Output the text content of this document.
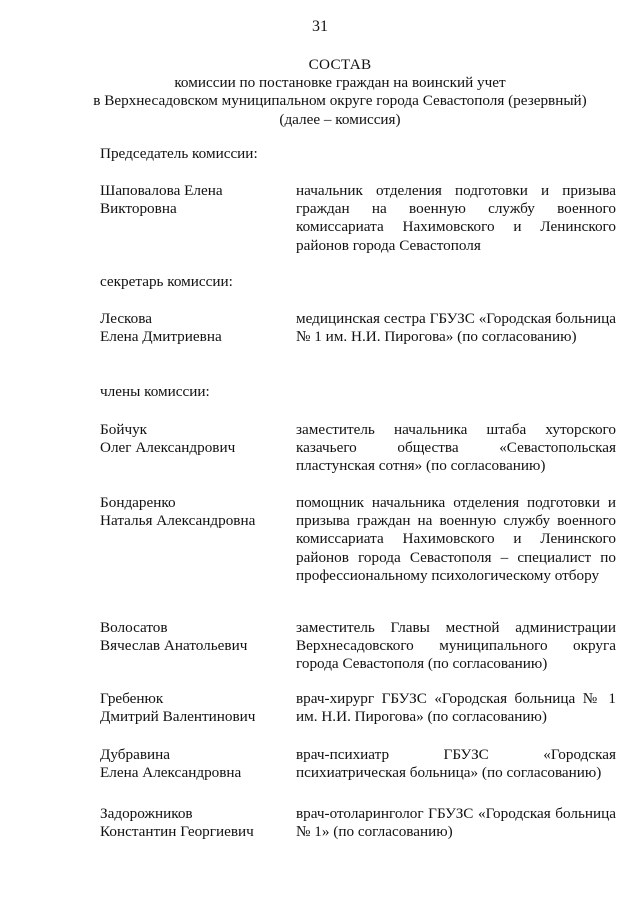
31
СОСТАВ
комиссии по постановке граждан на воинский учет
в Верхнесадовском муниципальном округе города Севастополя (резервный)
(далее – комиссия)
Председатель комиссии:
Шаповалова Елена
Викторовна
начальник отделения подготовки и призыва граждан на военную службу военного комиссариата Нахимовского и Ленинского районов города Севастополя
секретарь комиссии:
Лескова
Елена Дмитриевна
медицинская сестра ГБУЗС «Городская больница № 1 им. Н.И. Пирогова» (по согласованию)
члены комиссии:
Бойчук
Олег Александрович
заместитель начальника штаба хуторского казачьего общества «Севастопольская пластунская сотня» (по согласованию)
Бондаренко
Наталья Александровна
помощник начальника отделения подготовки и призыва граждан на военную службу военного комиссариата Нахимовского и Ленинского районов города Севастополя – специалист по профессиональному психологическому отбору
Волосатов
Вячеслав Анатольевич
заместитель Главы местной администрации Верхнесадовского муниципального округа города Севастополя (по согласованию)
Гребенюк
Дмитрий Валентинович
врач-хирург ГБУЗС «Городская больница № 1 им. Н.И. Пирогова» (по согласованию)
Дубравина
Елена Александровна
врач-психиатр ГБУЗС «Городская психиатрическая больница» (по согласованию)
Задорожников
Константин Георгиевич
врач-отоларинголог ГБУЗС «Городская больница № 1» (по согласованию)
